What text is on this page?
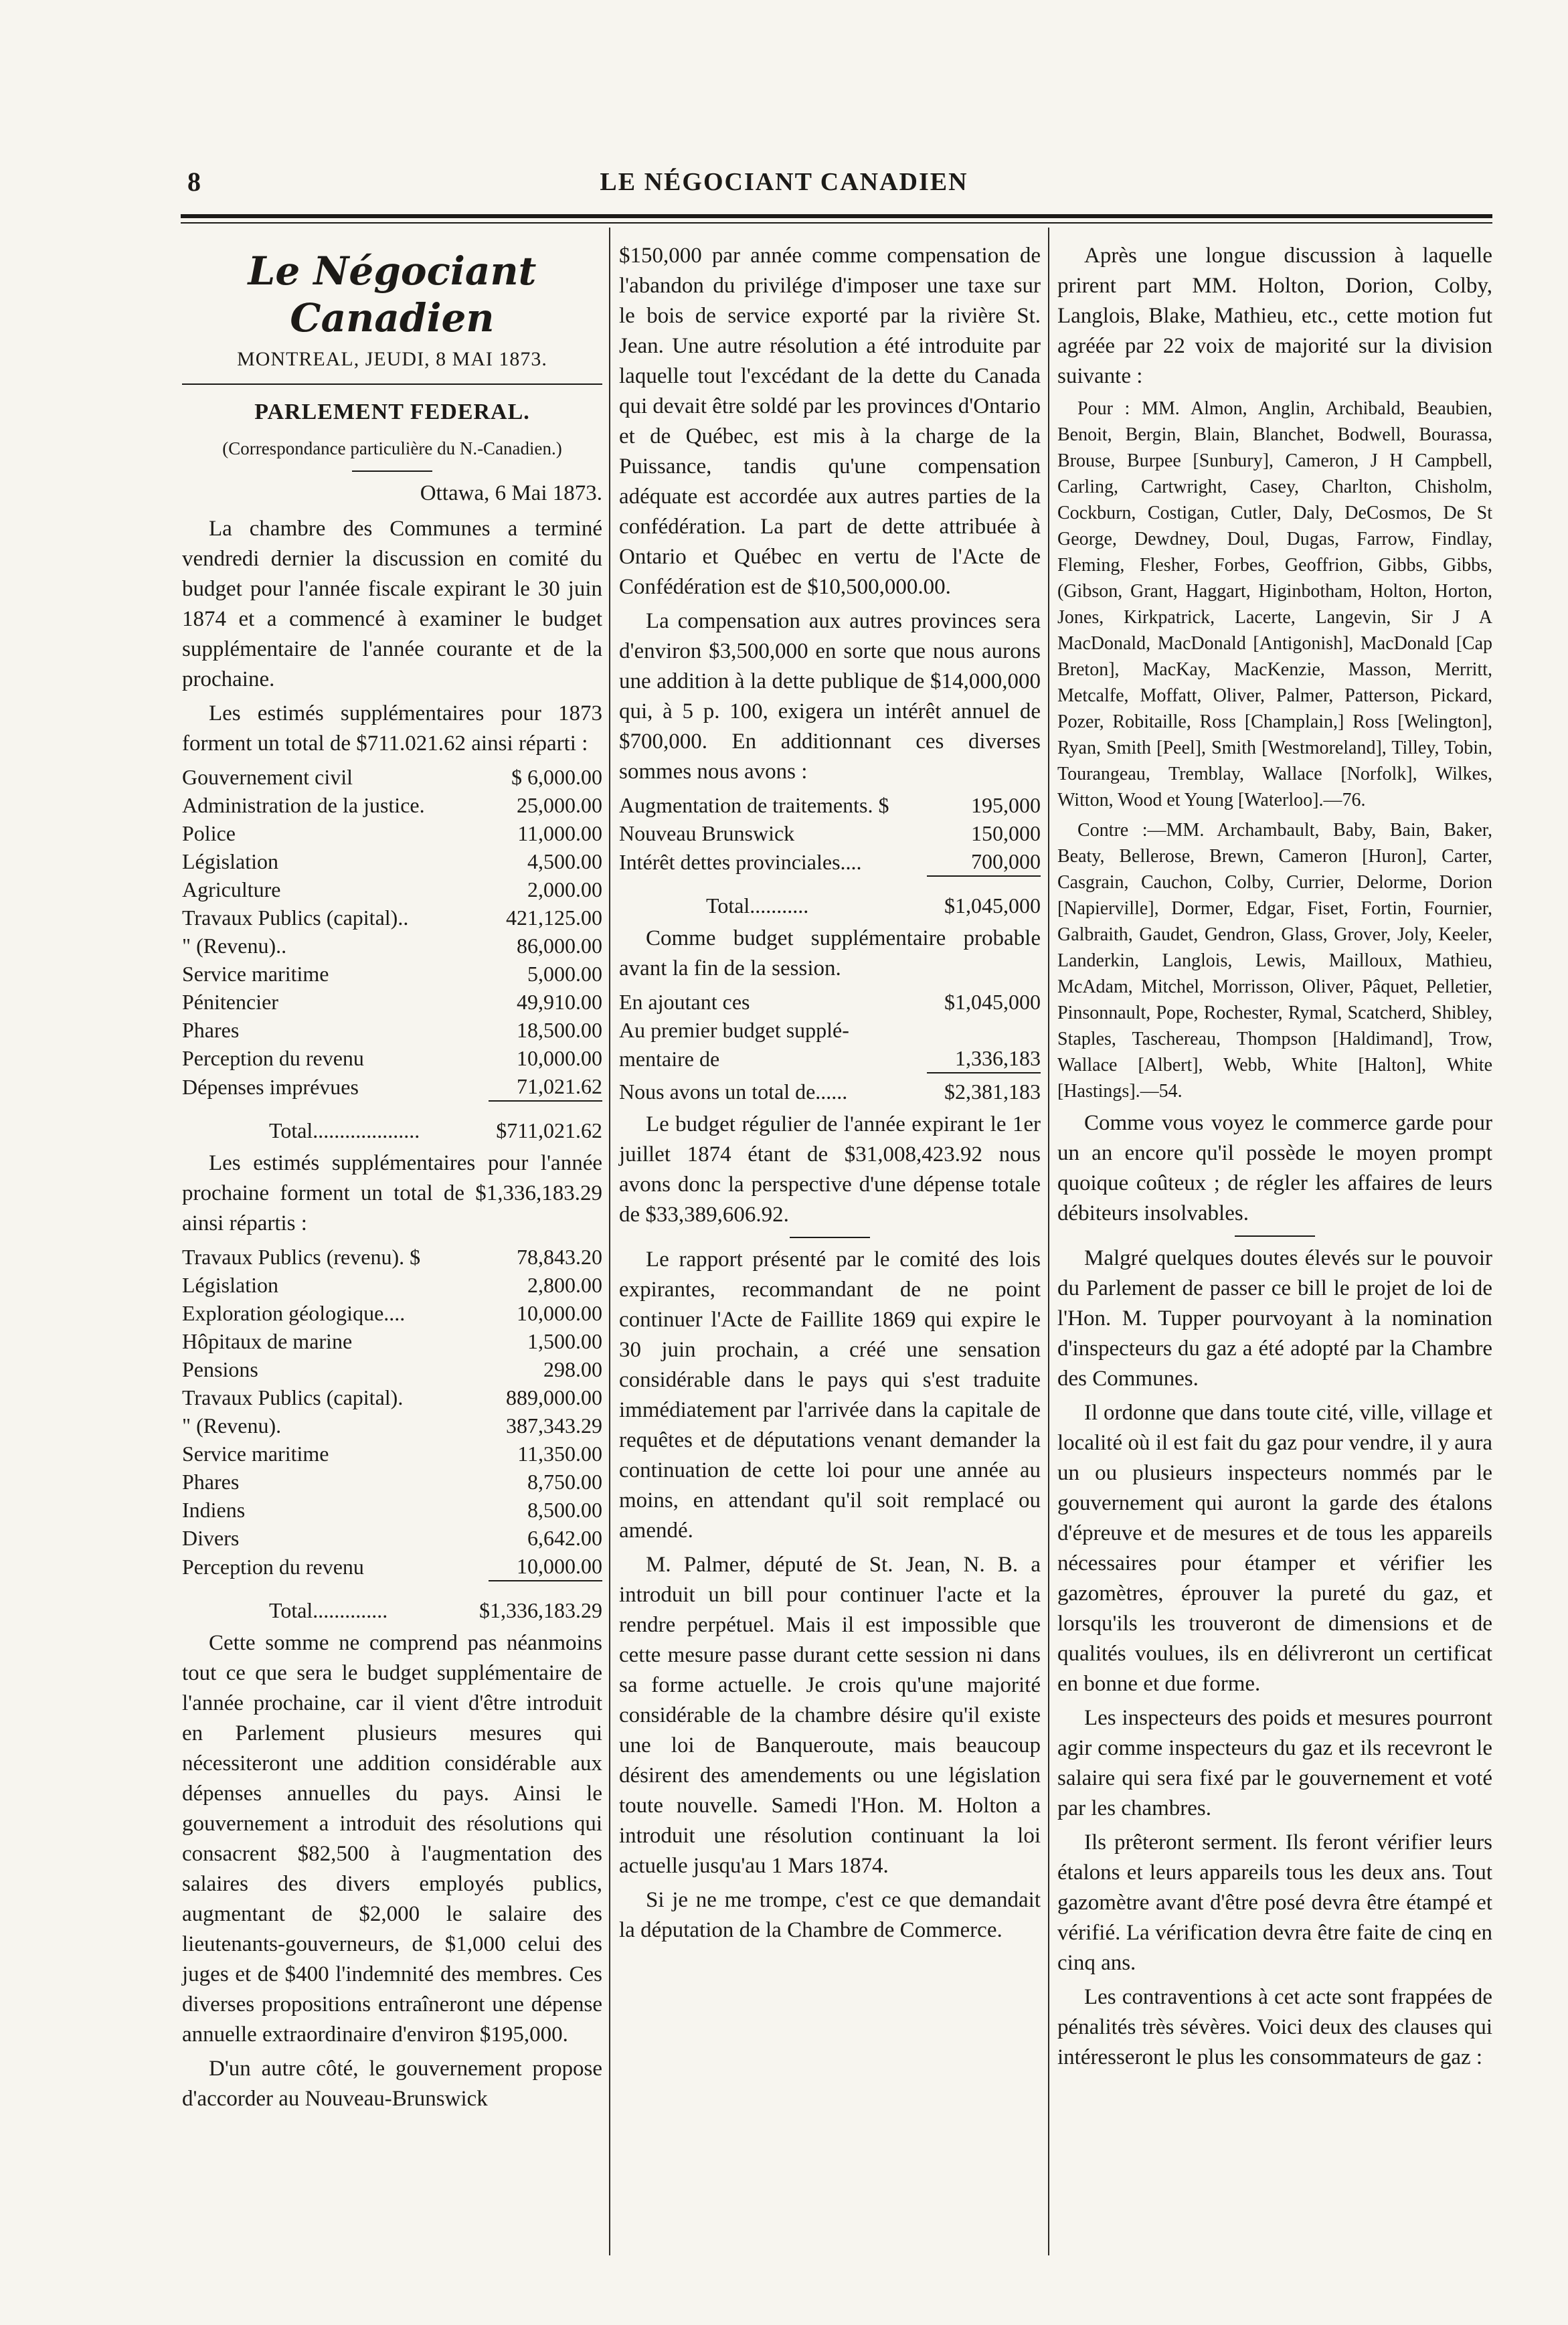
8	LE NÉGOCIANT CANADIEN
Le Négociant Canadien
MONTREAL, JEUDI, 8 MAI 1873.
PARLEMENT FEDERAL.
(Correspondance particulière du N.-Canadien.)
Ottawa, 6 Mai 1873.

La chambre des Communes a terminé vendredi dernier la discussion en comité du budget pour l'année fiscale expirant le 30 juin 1874 et a commencé à examiner le budget supplémentaire de l'année courante et de la prochaine.

Les estimés supplémentaires pour 1873 forment un total de $711.021.62 ainsi réparti :

Gouvernement civil	$ 6,000.00
Administration de la justice.	25,000.00
Police	11,000.00
Législation	4,500.00
Agriculture	2,000.00
Travaux Publics (capital)..	421,125.00
" (Revenu)..	86,000.00
Service maritime	5,000.00
Pénitencier	49,910.00
Phares	18,500.00
Perception du revenu	10,000.00
Dépenses imprévues	71,021.62
Total....................	$711,021.62

Les estimés supplémentaires pour l'année prochaine forment un total de $1,336,183.29 ainsi répartis :

Travaux Publics (revenu). $	78,843.20
Législation	2,800.00
Exploration géologique....	10,000.00
Hôpitaux de marine	1,500.00
Pensions	298.00
Travaux Publics (capital).	889,000.00
" (Revenu).	387,343.29
Service maritime	11,350.00
Phares	8,750.00
Indiens	8,500.00
Divers	6,642.00
Perception du revenu	10,000.00
Total..............	$1,336,183.29

Cette somme ne comprend pas néanmoins tout ce que sera le budget supplémentaire de l'année prochaine, car il vient d'être introduit en Parlement plusieurs mesures qui nécessiteront une addition considérable aux dépenses annuelles du pays. Ainsi le gouvernement a introduit des résolutions qui consacrent $82,500 à l'augmentation des salaires des divers employés publics, augmentant de $2,000 le salaire des lieutenants-gouverneurs, de $1,000 celui des juges et de $400 l'indemnité des membres. Ces diverses propositions entraîneront une dépense annuelle extraordinaire d'environ $195,000.

D'un autre côté, le gouvernement propose d'accorder au Nouveau-Brunswick

$150,000 par année comme compensation de l'abandon du privilége d'imposer une taxe sur le bois de service exporté par la rivière St. Jean. Une autre résolution a été introduite par laquelle tout l'excédant de la dette du Canada qui devait être soldé par les provinces d'Ontario et de Québec, est mis à la charge de la Puissance, tandis qu'une compensation adéquate est accordée aux autres parties de la confédération. La part de dette attribuée à Ontario et Québec en vertu de l'Acte de Confédération est de $10,500,000.00.

La compensation aux autres provinces sera d'environ $3,500,000 en sorte que nous aurons une addition à la dette publique de $14,000,000 qui, à 5 p. 100, exigera un intérêt annuel de $700,000. En additionnant ces diverses sommes nous avons :

Augmentation de traitements. $	195,000
Nouveau Brunswick	150,000
Intérêt dettes provinciales....	700,000
Total...........	$1,045,000

Comme budget supplémentaire probable avant la fin de la session.

En ajoutant ces	$1,045,000
Au premier budget supplé-	
mentaire de	1,336,183
Nous avons un total de......	$2,381,183

Le budget régulier de l'année expirant le 1er juillet 1874 étant de $31,008,423.92 nous avons donc la perspective d'une dépense totale de $33,389,606.92.

Le rapport présenté par le comité des lois expirantes, recommandant de ne point continuer l'Acte de Faillite 1869 qui expire le 30 juin prochain, a créé une sensation considérable dans le pays qui s'est traduite immédiatement par l'arrivée dans la capitale de requêtes et de députations venant demander la continuation de cette loi pour une année au moins, en attendant qu'il soit remplacé ou amendé.

M. Palmer, député de St. Jean, N. B. a introduit un bill pour continuer l'acte et la rendre perpétuel. Mais il est impossible que cette mesure passe durant cette session ni dans sa forme actuelle. Je crois qu'une majorité considérable de la chambre désire qu'il existe une loi de Banqueroute, mais beaucoup désirent des amendements ou une législation toute nouvelle. Samedi l'Hon. M. Holton a introduit une résolution continuant la loi actuelle jusqu'au 1 Mars 1874.

Si je ne me trompe, c'est ce que demandait la députation de la Chambre de Commerce.

Après une longue discussion à laquelle prirent part MM. Holton, Dorion, Colby, Langlois, Blake, Mathieu, etc., cette motion fut agréée par 22 voix de majorité sur la division suivante :

Pour : MM. Almon, Anglin, Archibald, Beaubien, Benoit, Bergin, Blain, Blanchet, Bodwell, Bourassa, Brouse, Burpee [Sunbury], Cameron, J H Campbell, Carling, Cartwright, Casey, Charlton, Chisholm, Cockburn, Costigan, Cutler, Daly, DeCosmos, De St George, Dewdney, Doul, Dugas, Farrow, Findlay, Fleming, Flesher, Forbes, Geoffrion, Gibbs, Gibbs, (Gibson, Grant, Haggart, Higinbotham, Holton, Horton, Jones, Kirkpatrick, Lacerte, Langevin, Sir J A MacDonald, MacDonald [Antigonish], MacDonald [Cap Breton], MacKay, MacKenzie, Masson, Merritt, Metcalfe, Moffatt, Oliver, Palmer, Patterson, Pickard, Pozer, Robitaille, Ross [Champlain,] Ross [Welington], Ryan, Smith [Peel], Smith [Westmoreland], Tilley, Tobin, Tourangeau, Tremblay, Wallace [Norfolk], Wilkes, Witton, Wood et Young [Waterloo].—76.

Contre :—MM. Archambault, Baby, Bain, Baker, Beaty, Bellerose, Brewn, Cameron [Huron], Carter, Casgrain, Cauchon, Colby, Currier, Delorme, Dorion [Napierville], Dormer, Edgar, Fiset, Fortin, Fournier, Galbraith, Gaudet, Gendron, Glass, Grover, Joly, Keeler, Landerkin, Langlois, Lewis, Mailloux, Mathieu, McAdam, Mitchel, Morrisson, Oliver, Pâquet, Pelletier, Pinsonnault, Pope, Rochester, Rymal, Scatcherd, Shibley, Staples, Taschereau, Thompson [Haldimand], Trow, Wallace [Albert], Webb, White [Halton], White [Hastings].—54.

Comme vous voyez le commerce garde pour un an encore qu'il possède le moyen prompt quoique coûteux ; de régler les affaires de leurs débiteurs insolvables.

Malgré quelques doutes élevés sur le pouvoir du Parlement de passer ce bill le projet de loi de l'Hon. M. Tupper pourvoyant à la nomination d'inspecteurs du gaz a été adopté par la Chambre des Communes.

Il ordonne que dans toute cité, ville, village et localité où il est fait du gaz pour vendre, il y aura un ou plusieurs inspecteurs nommés par le gouvernement qui auront la garde des étalons d'épreuve et de mesures et de tous les appareils nécessaires pour étamper et vérifier les gazomètres, éprouver la pureté du gaz, et lorsqu'ils les trouveront de dimensions et de qualités voulues, ils en délivreront un certificat en bonne et due forme.

Les inspecteurs des poids et mesures pourront agir comme inspecteurs du gaz et ils recevront le salaire qui sera fixé par le gouvernement et voté par les chambres.

Ils prêteront serment. Ils feront vérifier leurs étalons et leurs appareils tous les deux ans. Tout gazomètre avant d'être posé devra être étampé et vérifié. La vérification devra être faite de cinq en cinq ans.

Les contraventions à cet acte sont frappées de pénalités très sévères. Voici deux des clauses qui intéresseront le plus les consommateurs de gaz :
